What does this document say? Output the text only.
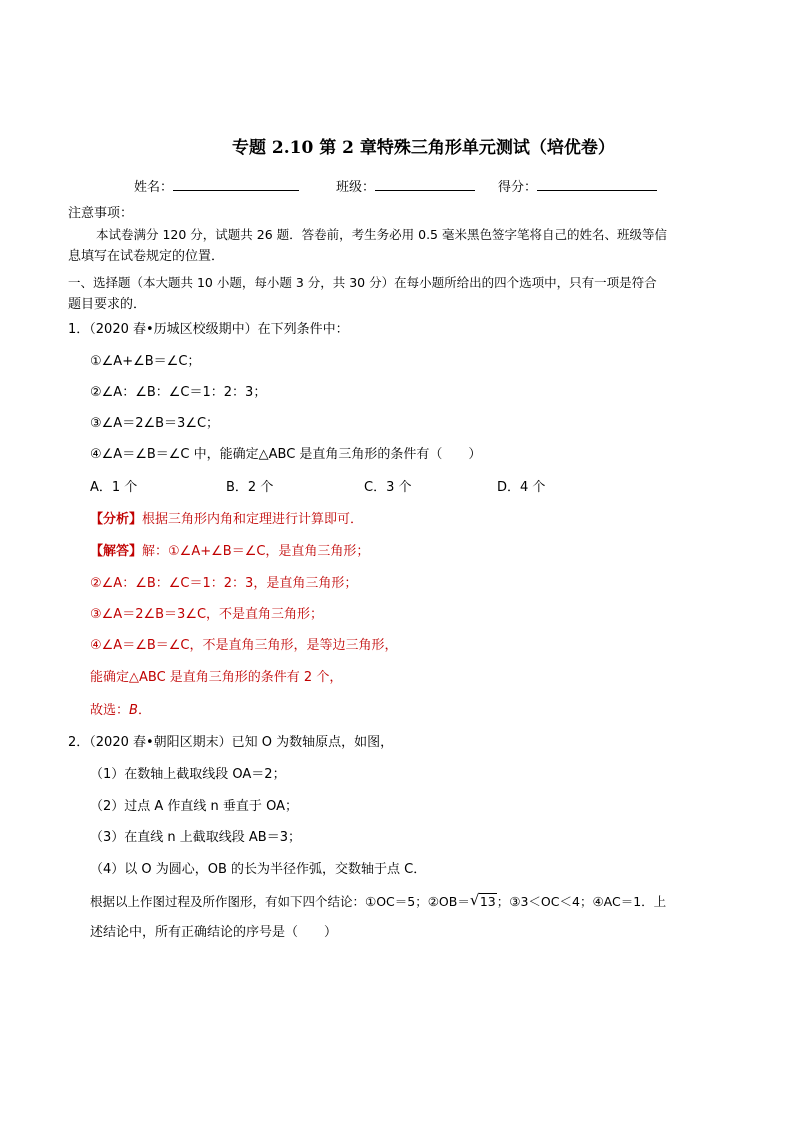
专题 2.10 第 2 章特殊三角形单元测试（培优卷）
姓名：	班级：	得分：
注意事项：
本试卷满分 120 分，试题共 26 题．答卷前，考生务必用 0.5 毫米黑色签字笔将自己的姓名、班级等信
息填写在试卷规定的位置．
一、选择题（本大题共 10 小题，每小题 3 分，共 30 分）在每小题所给出的四个选项中，只有一项是符合
题目要求的．
1．（2020 春•历城区校级期中）在下列条件中：
①∠A+∠B＝∠C；
②∠A：∠B：∠C＝1：2：3；
③∠A＝2∠B＝3∠C；
④∠A＝∠B＝∠C 中，能确定△ABC 是直角三角形的条件有（　　）
A．1 个	B．2 个	C．3 个	D．4 个
【分析】根据三角形内角和定理进行计算即可．
【解答】解：①∠A+∠B＝∠C，是直角三角形；
②∠A：∠B：∠C＝1：2：3，是直角三角形；
③∠A＝2∠B＝3∠C，不是直角三角形；
④∠A＝∠B＝∠C，不是直角三角形，是等边三角形，
能确定△ABC 是直角三角形的条件有 2 个，
故选：B．
2．（2020 春•朝阳区期末）已知 O 为数轴原点，如图，
（1）在数轴上截取线段 OA＝2；
（2）过点 A 作直线 n 垂直于 OA；
（3）在直线 n 上截取线段 AB＝3；
（4）以 O 为圆心，OB 的长为半径作弧，交数轴于点 C．
根据以上作图过程及所作图形，有如下四个结论：①OC＝5；②OB＝ √ 13；③3＜OC＜4；④AC＝1．上
述结论中，所有正确结论的序号是（　　）
